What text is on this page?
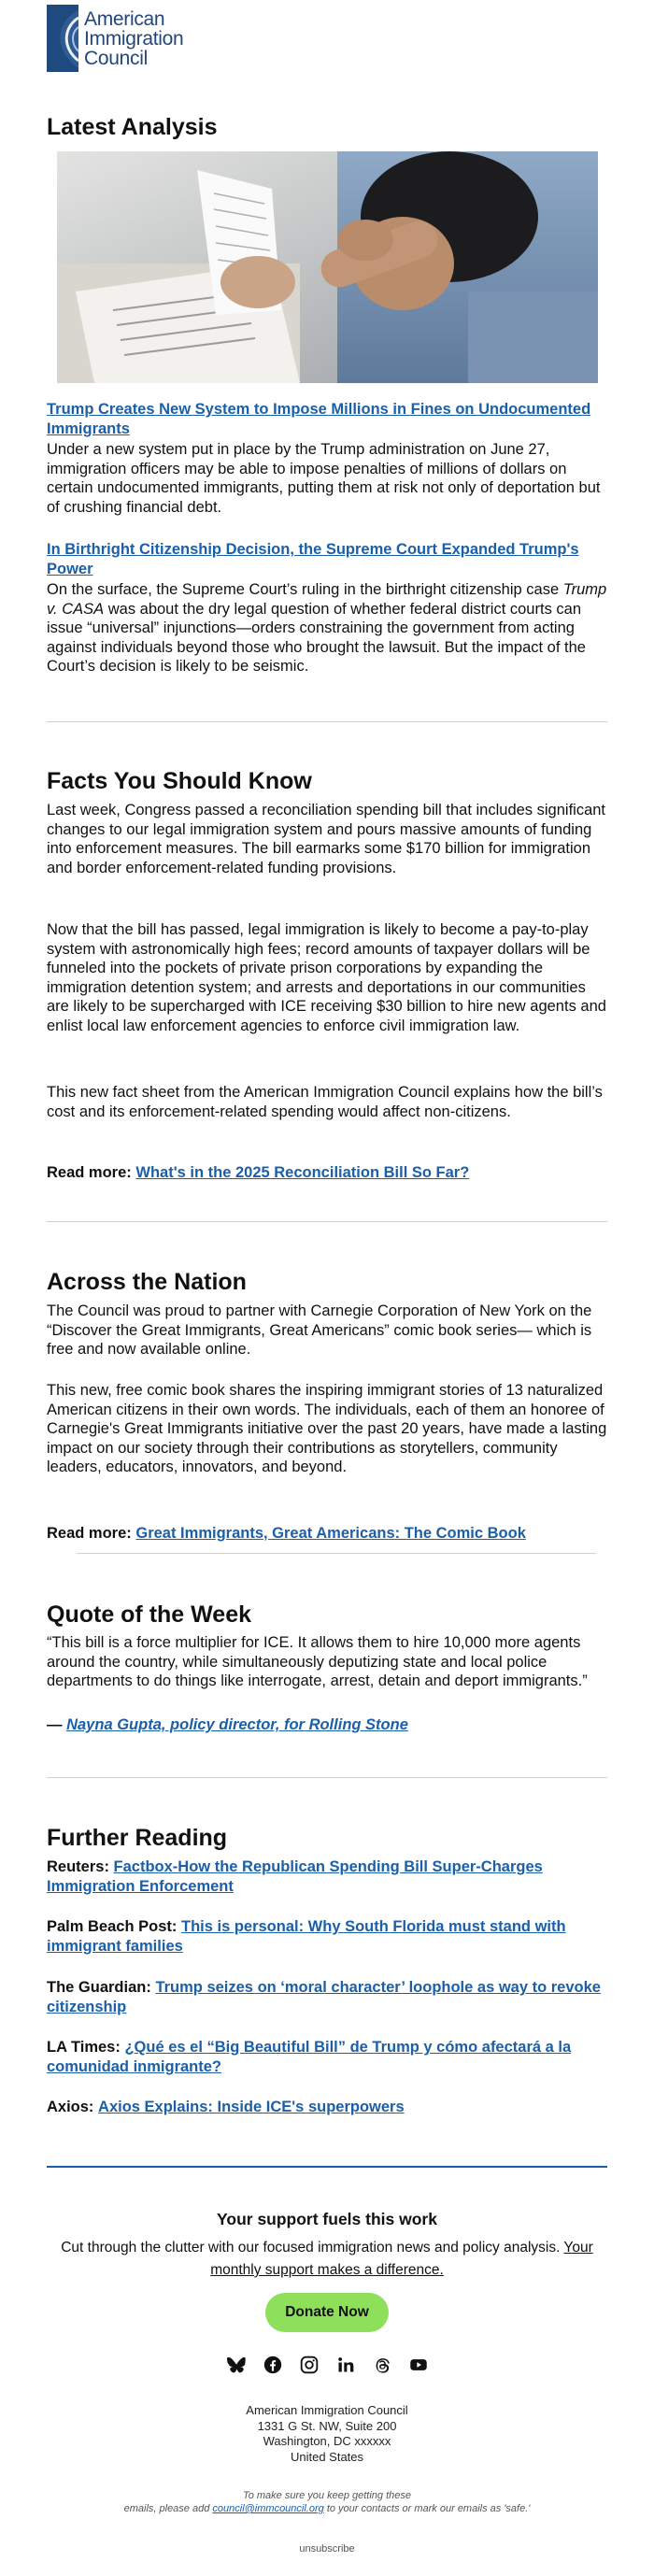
American
Immigration
Council
Latest Analysis
Trump Creates New System to Impose Millions in Fines on Undocumented Immigrants
Under a new system put in place by the Trump administration on June 27, immigration officers may be able to impose penalties of millions of dollars on certain undocumented immigrants, putting them at risk not only of deportation but of crushing financial debt.
In Birthright Citizenship Decision, the Supreme Court Expanded Trump's Power
On the surface, the Supreme Court’s ruling in the birthright citizenship case Trump v. CASA was about the dry legal question of whether federal district courts can issue “universal” injunctions—orders constraining the government from acting against individuals beyond those who brought the lawsuit. But the impact of the Court’s decision is likely to be seismic.
Facts You Should Know
Last week, Congress passed a reconciliation spending bill that includes significant changes to our legal immigration system and pours massive amounts of funding into enforcement measures. The bill earmarks some $170 billion for immigration and border enforcement-related funding provisions.
Now that the bill has passed, legal immigration is likely to become a pay-to-play system with astronomically high fees; record amounts of taxpayer dollars will be funneled into the pockets of private prison corporations by expanding the immigration detention system; and arrests and deportations in our communities are likely to be supercharged with ICE receiving $30 billion to hire new agents and enlist local law enforcement agencies to enforce civil immigration law.
This new fact sheet from the American Immigration Council explains how the bill’s cost and its enforcement-related spending would affect non-citizens.
Read more: What's in the 2025 Reconciliation Bill So Far?
Across the Nation
The Council was proud to partner with Carnegie Corporation of New York on the “Discover the Great Immigrants, Great Americans” comic book series— which is free and now available online.
This new, free comic book shares the inspiring immigrant stories of 13 naturalized American citizens in their own words. The individuals, each of them an honoree of Carnegie's Great Immigrants initiative over the past 20 years, have made a lasting impact on our society through their contributions as storytellers, community leaders, educators, innovators, and beyond.
Read more: Great Immigrants, Great Americans: The Comic Book
Quote of the Week
“This bill is a force multiplier for ICE. It allows them to hire 10,000 more agents around the country, while simultaneously deputizing state and local police departments to do things like interrogate, arrest, detain and deport immigrants.”
— Nayna Gupta, policy director, for Rolling Stone
Further Reading
Reuters: Factbox-How the Republican Spending Bill Super-Charges Immigration Enforcement
Palm Beach Post: This is personal: Why South Florida must stand with immigrant families
The Guardian: Trump seizes on ‘moral character’ loophole as way to revoke citizenship
LA Times: ¿Qué es el “Big Beautiful Bill” de Trump y cómo afectará a la comunidad inmigrante?
Axios: Axios Explains: Inside ICE's superpowers
Your support fuels this work
Cut through the clutter with our focused immigration news and policy analysis. Your monthly support makes a difference.
Donate Now
American Immigration Council
1331 G St. NW, Suite 200
Washington, DC xxxxxx
United States
To make sure you keep getting these
emails, please add council@immcouncil.org to your contacts or mark our emails as 'safe.'
unsubscribe
